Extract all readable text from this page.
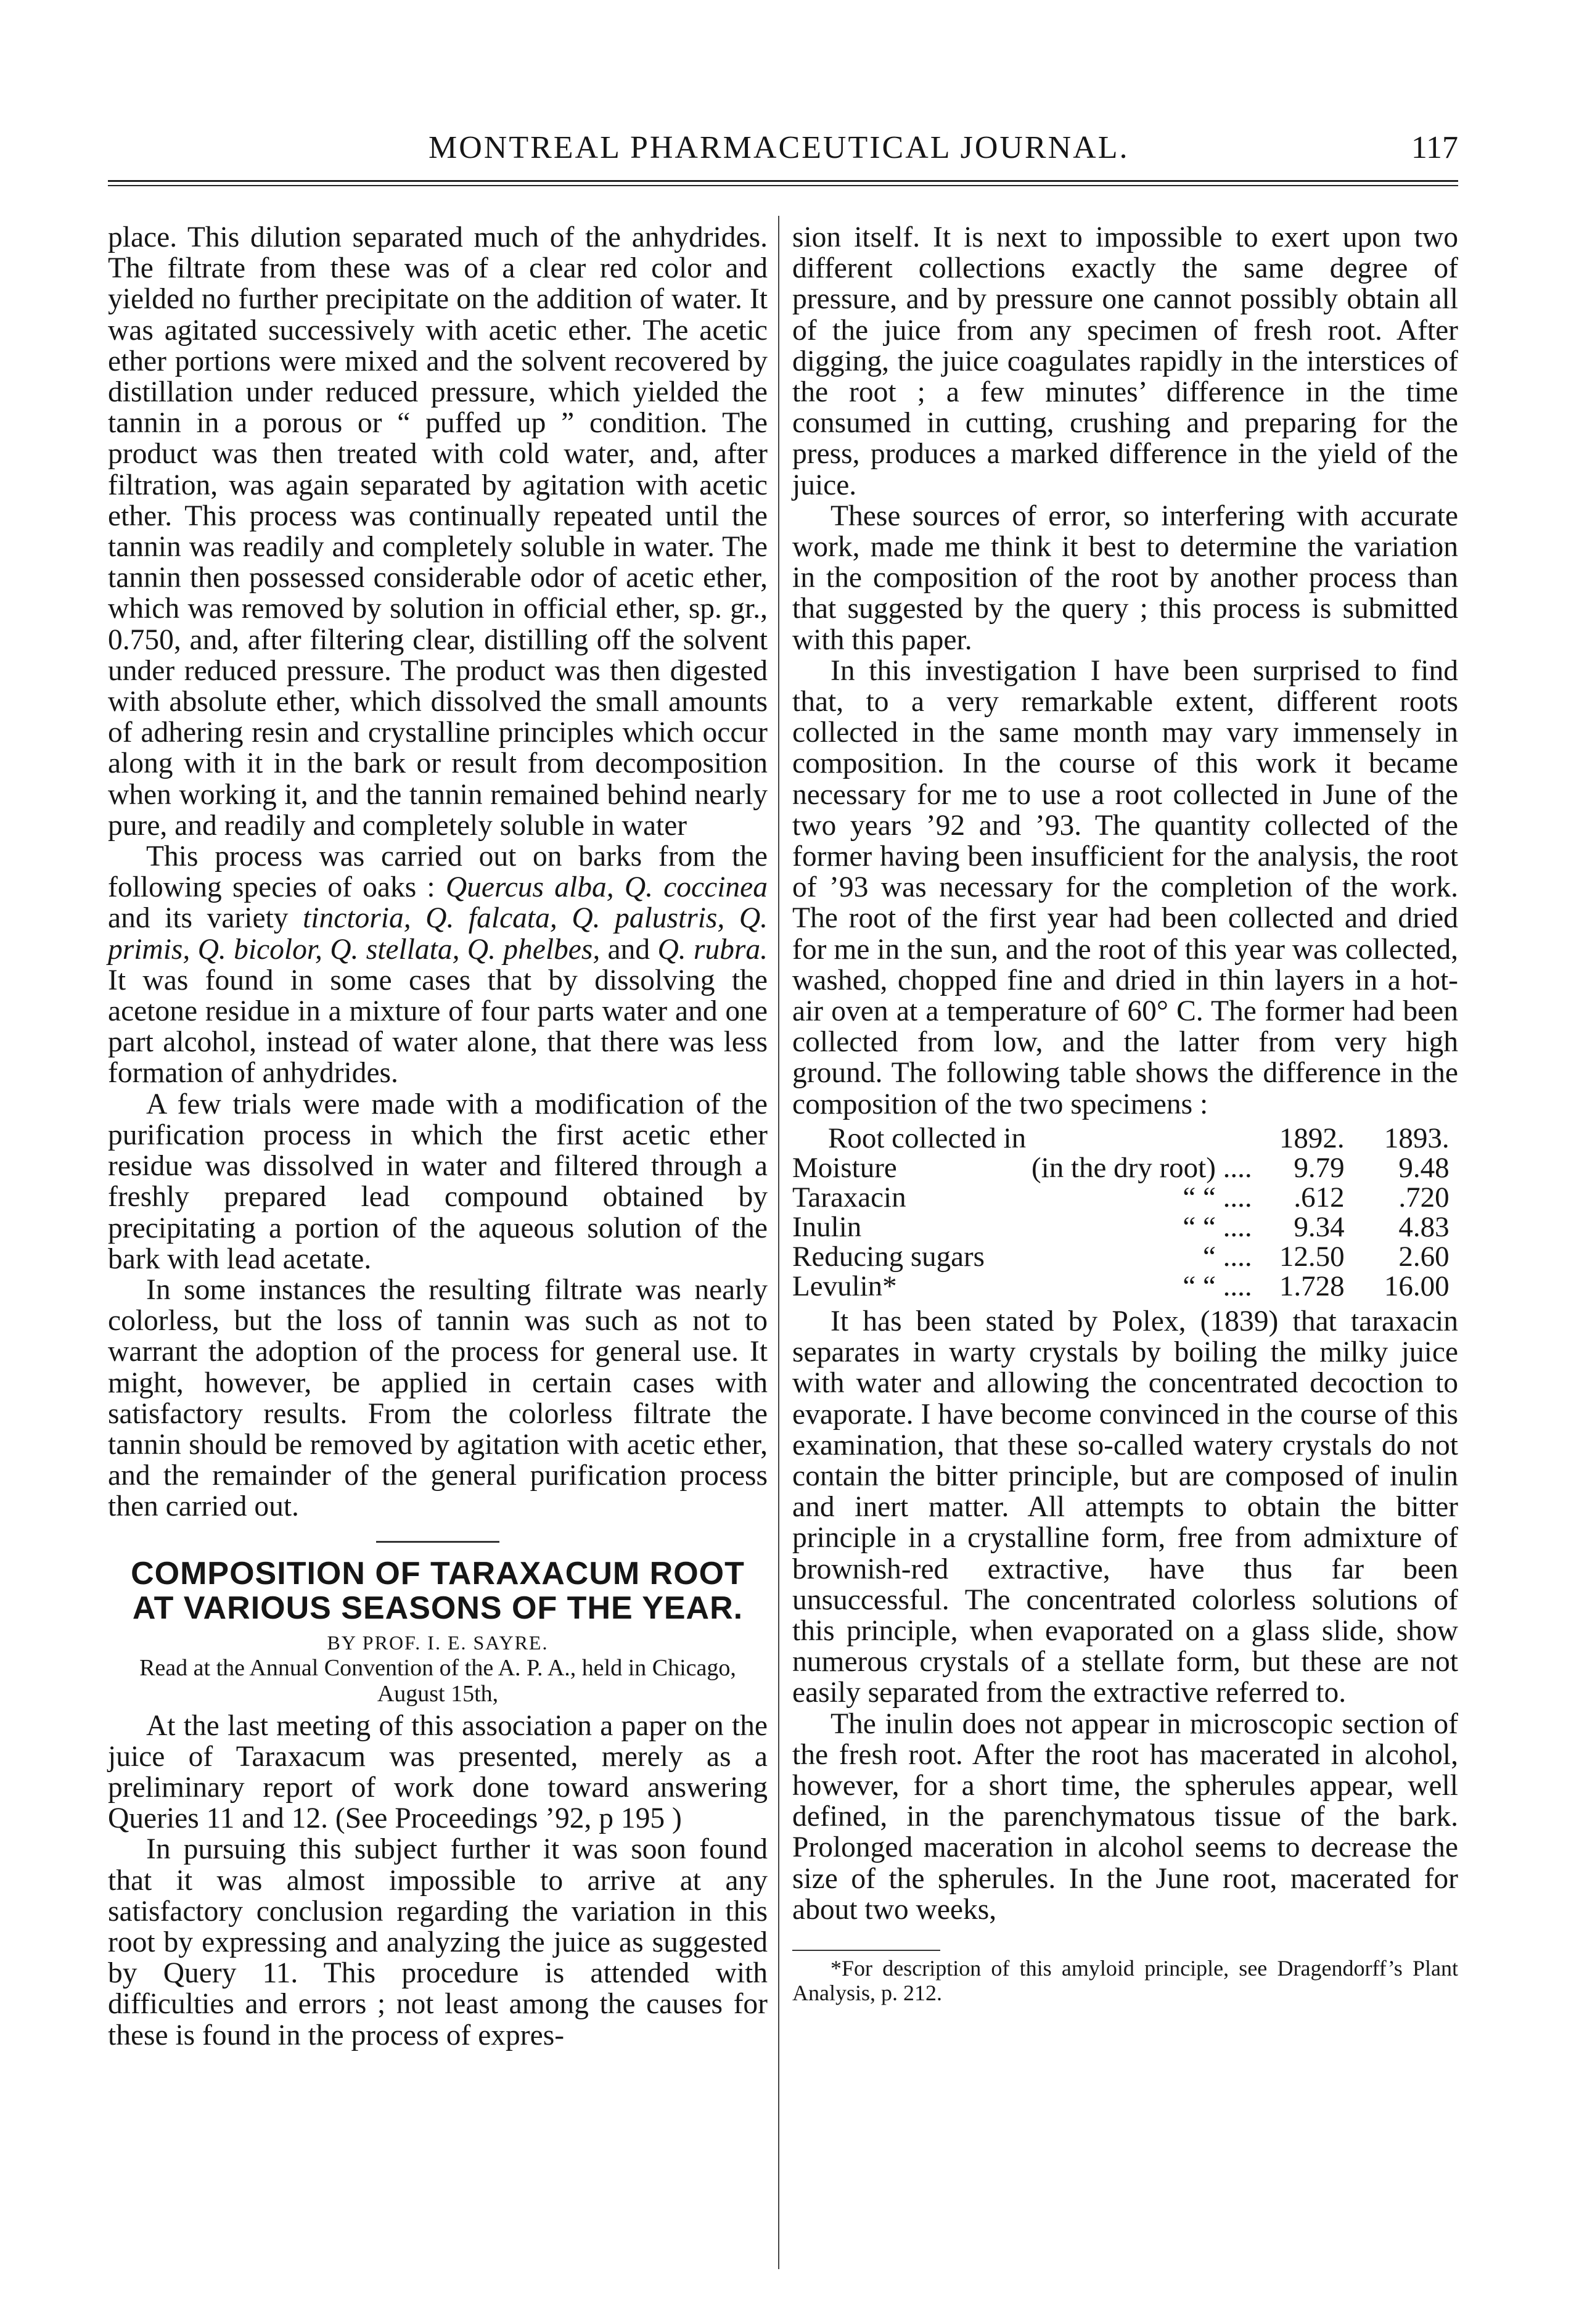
MONTREAL PHARMACEUTICAL JOURNAL.	117

place. This dilution separated much of the anhydrides. The filtrate from these was of a clear red color and yielded no further precipitate on the addition of water. It was agitated successively with acetic ether. The acetic ether portions were mixed and the solvent recovered by distillation under reduced pressure, which yielded the tannin in a porous or “ puffed up ” condition. The product was then treated with cold water, and, after filtration, was again separated by agitation with acetic ether. This process was continually repeated until the tannin was readily and completely soluble in water. The tannin then possessed considerable odor of acetic ether, which was removed by solution in official ether, sp. gr., 0.750, and, after filtering clear, distilling off the solvent under reduced pressure. The product was then digested with absolute ether, which dissolved the small amounts of adhering resin and crystalline principles which occur along with it in the bark or result from decomposition when working it, and the tannin remained behind nearly pure, and readily and completely soluble in water

This process was carried out on barks from the following species of oaks : Quercus alba, Q. coccinea and its variety tinctoria, Q. falcata, Q. palustris, Q. primis, Q. bicolor, Q. stellata, Q. phelbes, and Q. rubra. It was found in some cases that by dissolving the acetone residue in a mixture of four parts water and one part alcohol, instead of water alone, that there was less formation of anhydrides.

A few trials were made with a modification of the purification process in which the first acetic ether residue was dissolved in water and filtered through a freshly prepared lead compound obtained by precipitating a portion of the aqueous solution of the bark with lead acetate.

In some instances the resulting filtrate was nearly colorless, but the loss of tannin was such as not to warrant the adoption of the process for general use. It might, however, be applied in certain cases with satisfactory results. From the colorless filtrate the tannin should be removed by agitation with acetic ether, and the remainder of the general purification process then carried out.

COMPOSITION OF TARAXACUM ROOT AT VARIOUS SEASONS OF THE YEAR.
BY PROF. I. E. SAYRE.
Read at the Annual Convention of the A. P. A., held in Chicago, August 15th,

At the last meeting of this association a paper on the juice of Taraxacum was presented, merely as a preliminary report of work done toward answering Queries 11 and 12. (See Proceedings ’92, p 195 )

In pursuing this subject further it was soon found that it was almost impossible to arrive at any satisfactory conclusion regarding the variation in this root by expressing and analyzing the juice as suggested by Query 11. This procedure is attended with difficulties and errors ; not least among the causes for these is found in the process of expres-

sion itself. It is next to impossible to exert upon two different collections exactly the same degree of pressure, and by pressure one cannot possibly obtain all of the juice from any specimen of fresh root. After digging, the juice coagulates rapidly in the interstices of the root ; a few minutes’ difference in the time consumed in cutting, crushing and preparing for the press, produces a marked difference in the yield of the juice.

These sources of error, so interfering with accurate work, made me think it best to determine the variation in the composition of the root by another process than that suggested by the query ; this process is submitted with this paper.

In this investigation I have been surprised to find that, to a very remarkable extent, different roots collected in the same month may vary immensely in composition. In the course of this work it became necessary for me to use a root collected in June of the two years ’92 and ’93. The quantity collected of the former having been insufficient for the analysis, the root of ’93 was necessary for the completion of the work. The root of the first year had been collected and dried for me in the sun, and the root of this year was collected, washed, chopped fine and dried in thin layers in a hot-air oven at a temperature of 60° C. The former had been collected from low, and the latter from very high ground. The following table shows the difference in the composition of the two specimens :

Root collected in		1892.	1893.
Moisture	(in the dry root) ....	9.79	9.48
Taraxacin	“ “ ....	.612	.720
Inulin	“ “ ....	9.34	4.83
Reducing sugars	“ ....	12.50	2.60
Levulin*	“ “ ....	1.728	16.00

It has been stated by Polex, (1839) that taraxacin separates in warty crystals by boiling the milky juice with water and allowing the concentrated decoction to evaporate. I have become convinced in the course of this examination, that these so-called watery crystals do not contain the bitter principle, but are composed of inulin and inert matter. All attempts to obtain the bitter principle in a crystalline form, free from admixture of brownish-red extractive, have thus far been unsuccessful. The concentrated colorless solutions of this principle, when evaporated on a glass slide, show numerous crystals of a stellate form, but these are not easily separated from the extractive referred to.

The inulin does not appear in microscopic section of the fresh root. After the root has macerated in alcohol, however, for a short time, the spherules appear, well defined, in the parenchymatous tissue of the bark. Prolonged maceration in alcohol seems to decrease the size of the spherules. In the June root, macerated for about two weeks,

*For description of this amyloid principle, see Dragendorff’s Plant Analysis, p. 212.
